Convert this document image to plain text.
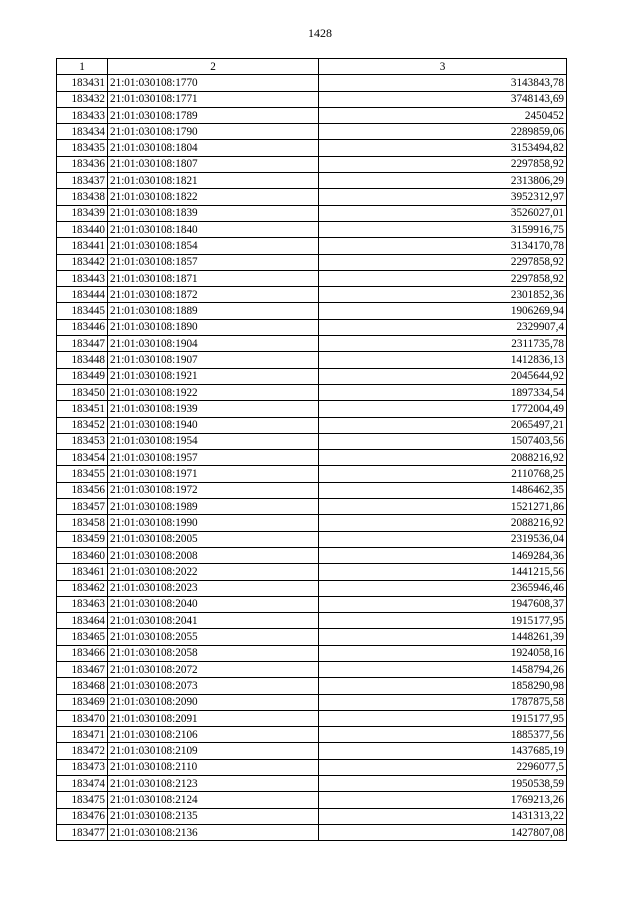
1428
1	2	3
183431	21:01:030108:1770	3143843,78
183432	21:01:030108:1771	3748143,69
183433	21:01:030108:1789	2450452
183434	21:01:030108:1790	2289859,06
183435	21:01:030108:1804	3153494,82
183436	21:01:030108:1807	2297858,92
183437	21:01:030108:1821	2313806,29
183438	21:01:030108:1822	3952312,97
183439	21:01:030108:1839	3526027,01
183440	21:01:030108:1840	3159916,75
183441	21:01:030108:1854	3134170,78
183442	21:01:030108:1857	2297858,92
183443	21:01:030108:1871	2297858,92
183444	21:01:030108:1872	2301852,36
183445	21:01:030108:1889	1906269,94
183446	21:01:030108:1890	2329907,4
183447	21:01:030108:1904	2311735,78
183448	21:01:030108:1907	1412836,13
183449	21:01:030108:1921	2045644,92
183450	21:01:030108:1922	1897334,54
183451	21:01:030108:1939	1772004,49
183452	21:01:030108:1940	2065497,21
183453	21:01:030108:1954	1507403,56
183454	21:01:030108:1957	2088216,92
183455	21:01:030108:1971	2110768,25
183456	21:01:030108:1972	1486462,35
183457	21:01:030108:1989	1521271,86
183458	21:01:030108:1990	2088216,92
183459	21:01:030108:2005	2319536,04
183460	21:01:030108:2008	1469284,36
183461	21:01:030108:2022	1441215,56
183462	21:01:030108:2023	2365946,46
183463	21:01:030108:2040	1947608,37
183464	21:01:030108:2041	1915177,95
183465	21:01:030108:2055	1448261,39
183466	21:01:030108:2058	1924058,16
183467	21:01:030108:2072	1458794,26
183468	21:01:030108:2073	1858290,98
183469	21:01:030108:2090	1787875,58
183470	21:01:030108:2091	1915177,95
183471	21:01:030108:2106	1885377,56
183472	21:01:030108:2109	1437685,19
183473	21:01:030108:2110	2296077,5
183474	21:01:030108:2123	1950538,59
183475	21:01:030108:2124	1769213,26
183476	21:01:030108:2135	1431313,22
183477	21:01:030108:2136	1427807,08
